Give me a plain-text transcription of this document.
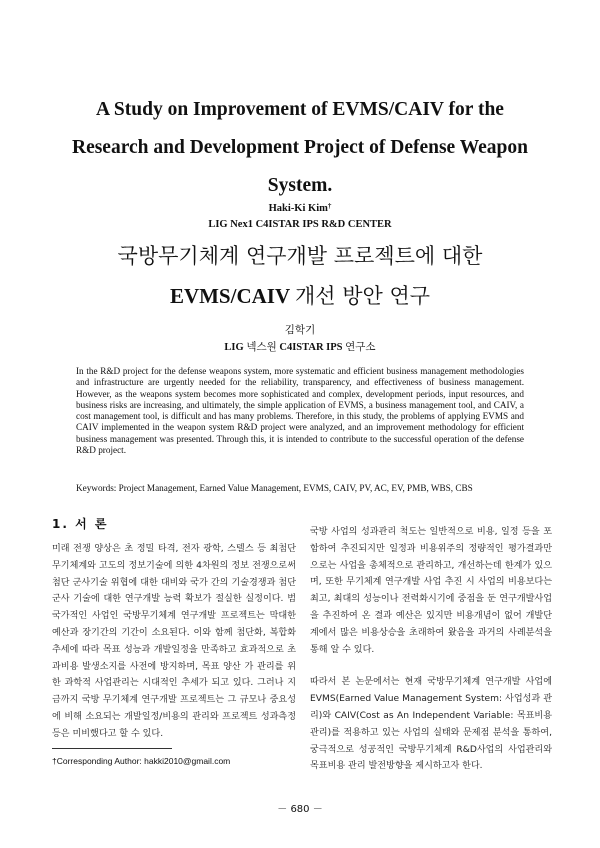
A Study on Improvement of EVMS/CAIV for the
Research and Development Project of Defense Weapon
System.
Haki-Ki Kim†
LIG Nex1 C4ISTAR IPS R&D CENTER
국방무기체계 연구개발 프로젝트에 대한
EVMS/CAIV 개선 방안 연구
김학기
LIG 넥스원 C4ISTAR IPS 연구소
In the R&D project for the defense weapons system, more systematic and efficient business management methodologies and infrastructure are urgently needed for the reliability, transparency, and effectiveness of business management. However, as the weapons system becomes more sophisticated and complex, development periods, input resources, and business risks are increasing, and ultimately, the simple application of EVMS, a business management tool, and CAIV, a cost management tool, is difficult and has many problems. Therefore, in this study, the problems of applying EVMS and CAIV implemented in the weapon system R&D project were analyzed, and an improvement methodology for efficient business management was presented. Through this, it is intended to contribute to the successful operation of the defense R&D project.
Keywords: Project Management, Earned Value Management, EVMS, CAIV, PV, AC, EV, PMB, WBS, CBS
1. 서 론

미래 전쟁 양상은 초 정밀 타격, 전자 광학, 스텔스 등 최첨단 무기체계와 고도의 정보기술에 의한 4차원의 정보 전쟁으로써 첨단 군사기술 위협에 대한 대비와 국가 간의 기술경쟁과 첨단 군사 기술에 대한 연구개발 능력 확보가 절실한 실정이다. 범국가적인 사업인 국방무기체계 연구개발 프로젝트는 막대한 예산과 장기간의 기간이 소요된다. 이와 함께 첨단화, 복합화 추세에 따라 목표 성능과 개발일정을 만족하고 효과적으로 초과비용 발생소지를 사전에 방지하며, 목표 양산 가 관리를 위한 과학적 사업관리는 시대적인 추세가 되고 있다. 그러나 지금까지 국방 무기체계 연구개발 프로젝트는 그 규모나 중요성에 비해 소요되는 개발일정/비용의 관리와 프로젝트 성과측정 등은 미비했다고 할 수 있다.

국방 사업의 성과관리 척도는 일반적으로 비용, 일정 등을 포함하여 추진되지만 일정과 비용위주의 정량적인 평가결과만으로는 사업을 총체적으로 관리하고, 개선하는데 한계가 있으며, 또한 무기체계 연구개발 사업 추진 시 사업의 비용보다는 최고, 최대의 성능이나 전력화시기에 중점을 둔 연구개발사업을 추진하여 온 결과 예산은 있지만 비용개념이 없어 개발단계에서 많은 비용상승을 초래하여 왔음을 과거의 사례분석을 통해 알 수 있다.

따라서 본 논문에서는 현재 국방무기체계 연구개발 사업에 EVMS(Earned Value Management System: 사업성과 관리)와 CAIV(Cost as An Independent Variable: 목표비용관리)를 적용하고 있는 사업의 실태와 문제점 분석을 통하여, 궁극적으로 성공적인 국방무기체계 R&D사업의 사업관리와 목표비용 관리 발전방향을 제시하고자 한다.

†Corresponding Author: hakki2010@gmail.com
－ 680 －
